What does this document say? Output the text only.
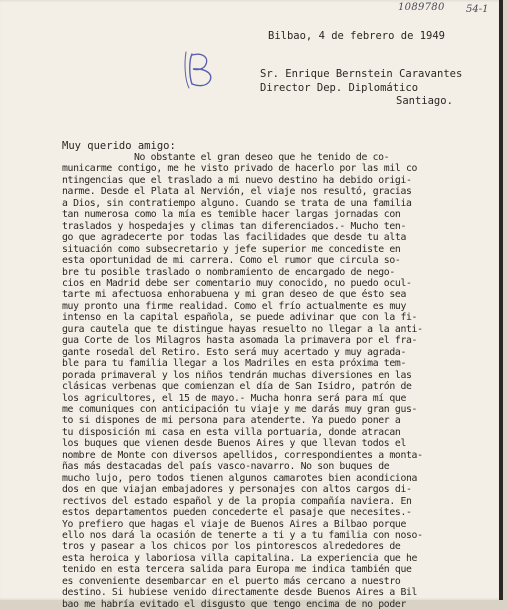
1089780 54-1
Bilbao, 4 de febrero de 1949
Sr. Enrique Bernstein Caravantes
Director Dep. Diplomático
Santiago.
Muy querido amigo:
No obstante el gran deseo que he tenido de co-
municarme contigo, me he visto privado de hacerlo por las mil co
ntingencias que el traslado a mi nuevo destino ha debido origi-
narme. Desde el Plata al Nervión, el viaje nos resultó, gracias
a Dios, sin contratiempo alguno. Cuando se trata de una familia
tan numerosa como la mía es temible hacer largas jornadas con
traslados y hospedajes y climas tan diferenciados.- Mucho ten-
go que agradecerte por todas las facilidades que desde tu alta
situación como subsecretario y jefe superior me concediste en
esta oportunidad de mi carrera. Como el rumor que circula so-
bre tu posible traslado o nombramiento de encargado de nego-
cios en Madrid debe ser comentario muy conocido, no puedo ocul-
tarte mi afectuosa enhorabuena y mi gran deseo de que ésto sea
muy pronto una firme realidad. Como el frío actualmente es muy
intenso en la capital española, se puede adivinar que con la fi-
gura cautela que te distingue hayas resuelto no llegar a la anti-
gua Corte de los Milagros hasta asomada la primavera por el fra-
gante rosedal del Retiro. Esto será muy acertado y muy agrada-
ble para tu familia llegar a los Madriles en esta próxima tem-
porada primaveral y los niños tendrán muchas diversiones en las
clásicas verbenas que comienzan el día de San Isidro, patrón de
los agricultores, el 15 de mayo.- Mucha honra será para mí que
me comuniques con anticipación tu viaje y me darás muy gran gus-
to si dispones de mi persona para atenderte. Ya puedo poner a
tu disposición mi casa en esta villa portuaria, donde atracan
los buques que vienen desde Buenos Aires y que llevan todos el
nombre de Monte con diversos apellidos, correspondientes a monta-
ñas más destacadas del país vasco-navarro. No son buques de
mucho lujo, pero todos tienen algunos camarotes bien acondiciona
dos en que viajan embajadores y personajes con altos cargos di-
rectivos del estado español y de la propia compañía naviera. En
estos departamentos pueden concederte el pasaje que necesites.-
Yo prefiero que hagas el viaje de Buenos Aires a Bilbao porque
ello nos dará la ocasión de tenerte a ti y a tu familia con noso-
tros y pasear a los chicos por los pintorescos alrededores de
esta heroica y laboriosa villa capitalina. La experiencia que he
tenido en esta tercera salida para Europa me indica también que
es conveniente desembarcar en el puerto más cercano a nuestro
destino. Si hubiese venido directamente desde Buenos Aires a Bil
bao me habría evitado el disgusto que tengo encima de no poder
